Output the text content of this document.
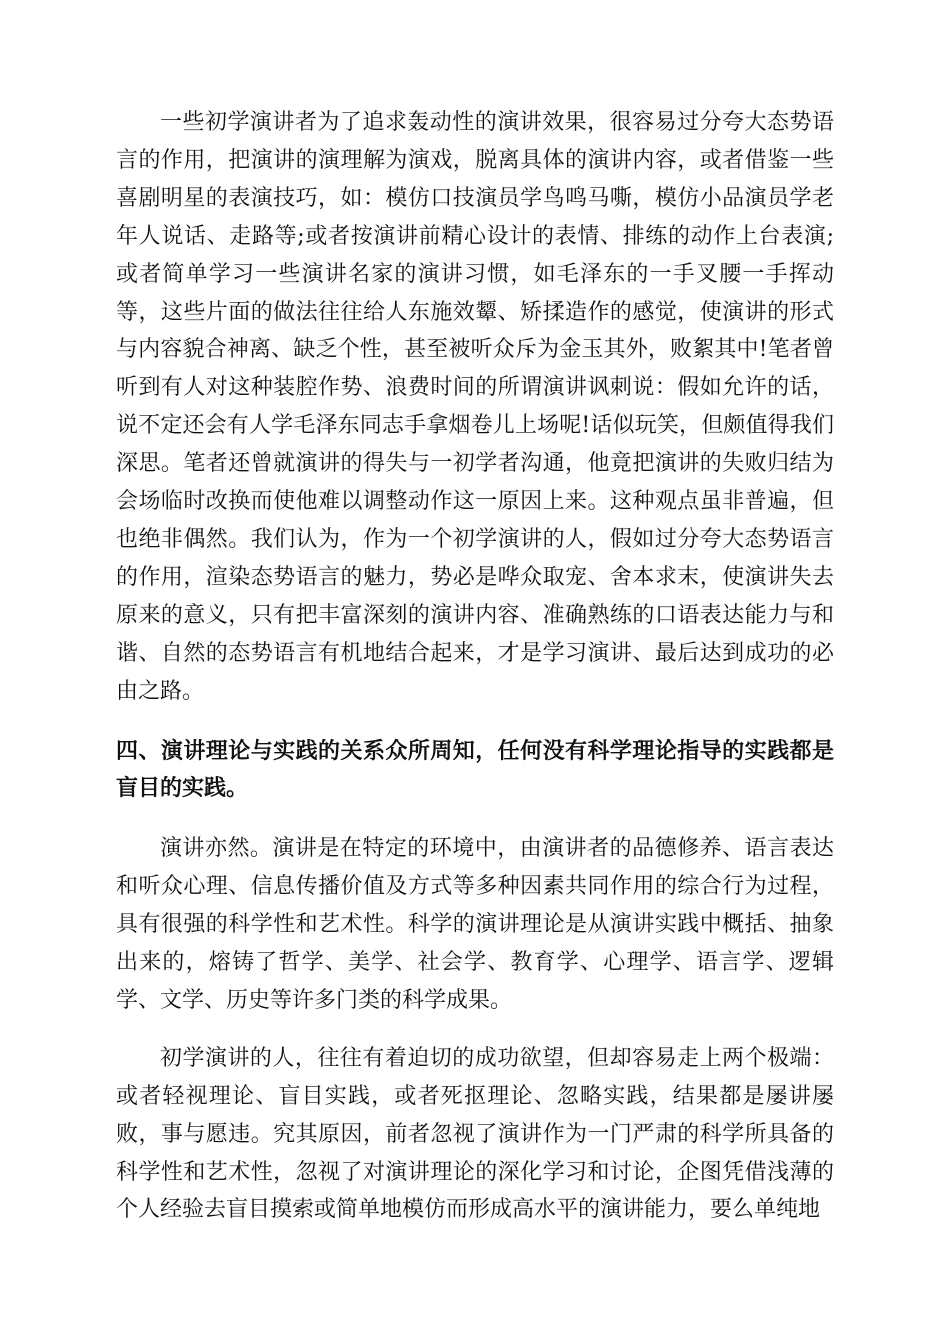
一些初学演讲者为了追求轰动性的演讲效果，很容易过分夸大态势语言的作用，把演讲的演理解为演戏，脱离具体的演讲内容，或者借鉴一些喜剧明星的表演技巧，如：模仿口技演员学鸟鸣马嘶，模仿小品演员学老年人说话、走路等;或者按演讲前精心设计的表情、排练的动作上台表演;或者简单学习一些演讲名家的演讲习惯，如毛泽东的一手叉腰一手挥动等，这些片面的做法往往给人东施效颦、矫揉造作的感觉，使演讲的形式与内容貌合神离、缺乏个性，甚至被听众斥为金玉其外，败絮其中!笔者曾听到有人对这种装腔作势、浪费时间的所谓演讲讽刺说：假如允许的话，说不定还会有人学毛泽东同志手拿烟卷儿上场呢!话似玩笑，但颇值得我们深思。笔者还曾就演讲的得失与一初学者沟通，他竟把演讲的失败归结为会场临时改换而使他难以调整动作这一原因上来。这种观点虽非普遍，但也绝非偶然。我们认为，作为一个初学演讲的人，假如过分夸大态势语言的作用，渲染态势语言的魅力，势必是哗众取宠、舍本求末，使演讲失去原来的意义，只有把丰富深刻的演讲内容、准确熟练的口语表达能力与和谐、自然的态势语言有机地结合起来，才是学习演讲、最后达到成功的必由之路。

四、演讲理论与实践的关系众所周知，任何没有科学理论指导的实践都是盲目的实践。

演讲亦然。演讲是在特定的环境中，由演讲者的品德修养、语言表达和听众心理、信息传播价值及方式等多种因素共同作用的综合行为过程，具有很强的科学性和艺术性。科学的演讲理论是从演讲实践中概括、抽象出来的，熔铸了哲学、美学、社会学、教育学、心理学、语言学、逻辑学、文学、历史等许多门类的科学成果。

初学演讲的人，往往有着迫切的成功欲望，但却容易走上两个极端：或者轻视理论、盲目实践，或者死抠理论、忽略实践，结果都是屡讲屡败，事与愿违。究其原因，前者忽视了演讲作为一门严肃的科学所具备的科学性和艺术性，忽视了对演讲理论的深化学习和讨论，企图凭借浅薄的个人经验去盲目摸索或简单地模仿而形成高水平的演讲能力，要么单纯地
